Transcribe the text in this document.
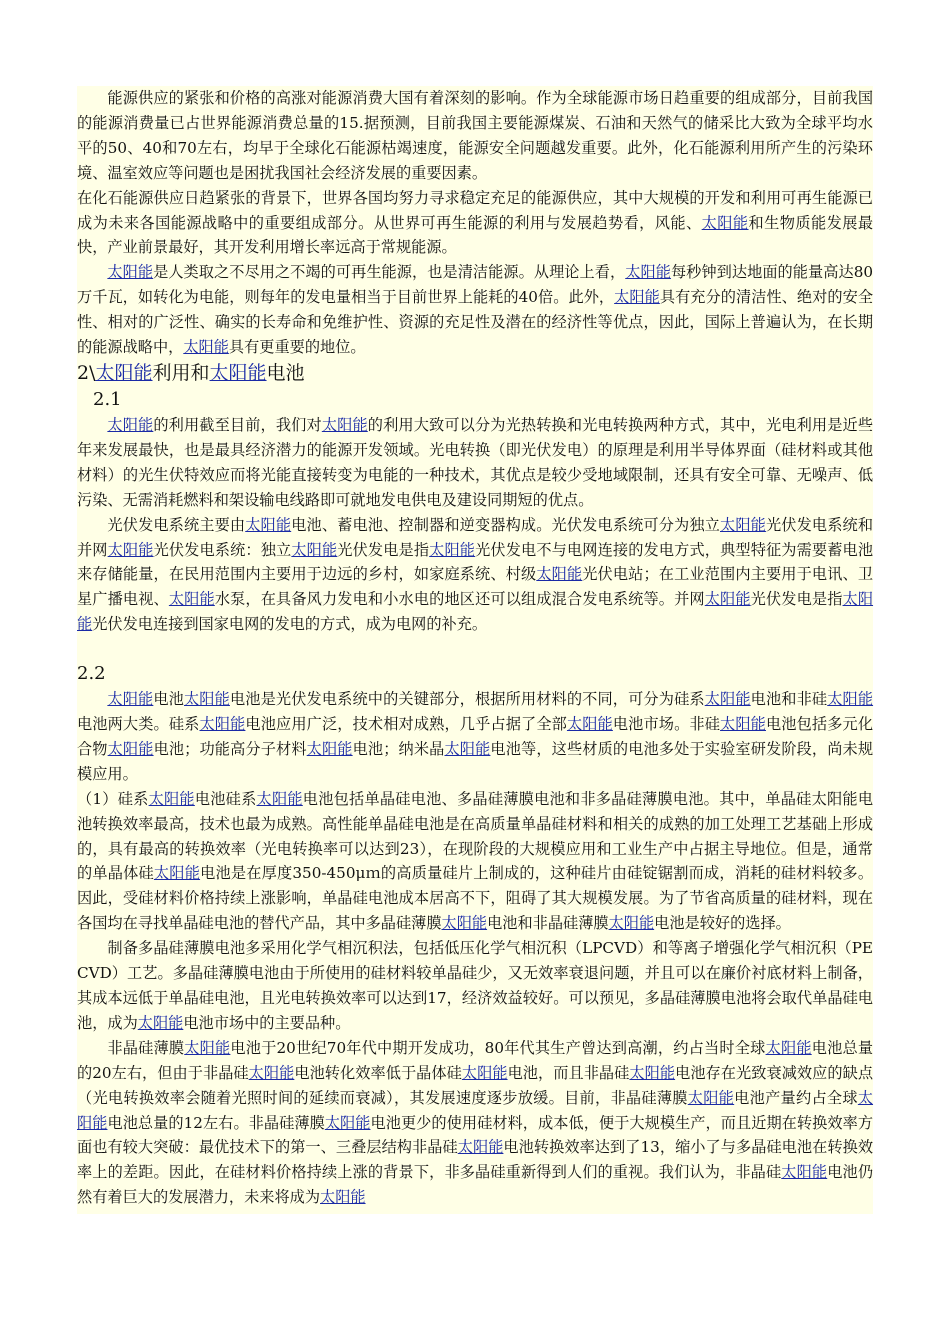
能源供应的紧张和价格的高涨对能源消费大国有着深刻的影响。作为全球能源市场日趋重要的组成部分，目前我国的能源消费量已占世界能源消费总量的15.据预测，目前我国主要能源煤炭、石油和天然气的储采比大致为全球平均水平的50、40和70左右，均早于全球化石能源枯竭速度，能源安全问题越发重要。此外，化石能源利用所产生的污染环境、温室效应等问题也是困扰我国社会经济发展的重要因素。

在化石能源供应日趋紧张的背景下，世界各国均努力寻求稳定充足的能源供应，其中大规模的开发和利用可再生能源已成为未来各国能源战略中的重要组成部分。从世界可再生能源的利用与发展趋势看，风能、太阳能和生物质能发展最快，产业前景最好，其开发利用增长率远高于常规能源。

太阳能是人类取之不尽用之不竭的可再生能源，也是清洁能源。从理论上看，太阳能每秒钟到达地面的能量高达80万千瓦，如转化为电能，则每年的发电量相当于目前世界上能耗的40倍。此外，太阳能具有充分的清洁性、绝对的安全性、相对的广泛性、确实的长寿命和免维护性、资源的充足性及潜在的经济性等优点，因此，国际上普遍认为，在长期的能源战略中，太阳能具有更重要的地位。

2\太阳能利用和太阳能电池

2.1

太阳能的利用截至目前，我们对太阳能的利用大致可以分为光热转换和光电转换两种方式，其中，光电利用是近些年来发展最快，也是最具经济潜力的能源开发领域。光电转换（即光伏发电）的原理是利用半导体界面（硅材料或其他材料）的光生伏特效应而将光能直接转变为电能的一种技术，其优点是较少受地域限制，还具有安全可靠、无噪声、低污染、无需消耗燃料和架设输电线路即可就地发电供电及建设同期短的优点。

光伏发电系统主要由太阳能电池、蓄电池、控制器和逆变器构成。光伏发电系统可分为独立太阳能光伏发电系统和并网太阳能光伏发电系统：独立太阳能光伏发电是指太阳能光伏发电不与电网连接的发电方式，典型特征为需要蓄电池来存储能量，在民用范围内主要用于边远的乡村，如家庭系统、村级太阳能光伏电站；在工业范围内主要用于电讯、卫星广播电视、太阳能水泵，在具备风力发电和小水电的地区还可以组成混合发电系统等。并网太阳能光伏发电是指太阳能光伏发电连接到国家电网的发电的方式，成为电网的补充。

2.2

太阳能电池太阳能电池是光伏发电系统中的关键部分，根据所用材料的不同，可分为硅系太阳能电池和非硅太阳能电池两大类。硅系太阳能电池应用广泛，技术相对成熟，几乎占据了全部太阳能电池市场。非硅太阳能电池包括多元化合物太阳能电池；功能高分子材料太阳能电池；纳米晶太阳能电池等，这些材质的电池多处于实验室研发阶段，尚未规模应用。

（1）硅系太阳能电池硅系太阳能电池包括单晶硅电池、多晶硅薄膜电池和非多晶硅薄膜电池。其中，单晶硅太阳能电池转换效率最高，技术也最为成熟。高性能单晶硅电池是在高质量单晶硅材料和相关的成熟的加工处理工艺基础上形成的，具有最高的转换效率（光电转换率可以达到23），在现阶段的大规模应用和工业生产中占据主导地位。但是，通常的单晶体硅太阳能电池是在厚度350-450μｍ的高质量硅片上制成的，这种硅片由硅锭锯割而成，消耗的硅材料较多。因此，受硅材料价格持续上涨影响，单晶硅电池成本居高不下，阻碍了其大规模发展。为了节省高质量的硅材料，现在各国均在寻找单晶硅电池的替代产品，其中多晶硅薄膜太阳能电池和非晶硅薄膜太阳能电池是较好的选择。

制备多晶硅薄膜电池多采用化学气相沉积法，包括低压化学气相沉积（LPCVD）和等离子增强化学气相沉积（PECVD）工艺。多晶硅薄膜电池由于所使用的硅材料较单晶硅少，又无效率衰退问题，并且可以在廉价衬底材料上制备，其成本远低于单晶硅电池，且光电转换效率可以达到17，经济效益较好。可以预见，多晶硅薄膜电池将会取代单晶硅电池，成为太阳能电池市场中的主要品种。

非晶硅薄膜太阳能电池于20世纪70年代中期开发成功，80年代其生产曾达到高潮，约占当时全球太阳能电池总量的20左右，但由于非晶硅太阳能电池转化效率低于晶体硅太阳能电池，而且非晶硅太阳能电池存在光致衰减效应的缺点（光电转换效率会随着光照时间的延续而衰减），其发展速度逐步放缓。目前，非晶硅薄膜太阳能电池产量约占全球太阳能电池总量的12左右。非晶硅薄膜太阳能电池更少的使用硅材料，成本低，便于大规模生产，而且近期在转换效率方面也有较大突破：最优技术下的第一、三叠层结构非晶硅太阳能电池转换效率达到了13，缩小了与多晶硅电池在转换效率上的差距。因此，在硅材料价格持续上涨的背景下，非多晶硅重新得到人们的重视。我们认为，非晶硅太阳能电池仍然有着巨大的发展潜力，未来将成为太阳能
